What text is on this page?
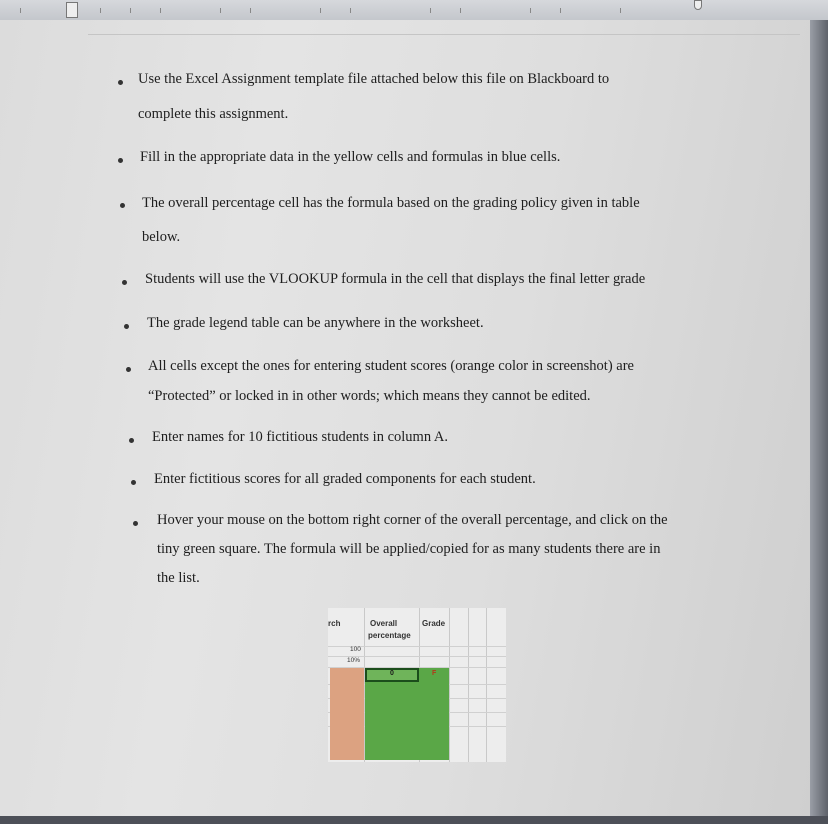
Use the Excel Assignment template file attached below this file on Blackboard to
complete this assignment.
Fill in the appropriate data in the yellow cells and formulas in blue cells.
The overall percentage cell has the formula based on the grading policy given in table
below.
Students will use the VLOOKUP formula in the cell that displays the final letter grade
The grade legend table can be anywhere in the worksheet.
All cells except the ones for entering student scores (orange color in screenshot) are
“Protected” or locked in in other words; which means they cannot be edited.
Enter names for 10 fictitious students in column A.
Enter fictitious scores for all graded components for each student.
Hover your mouse on the bottom right corner of the overall percentage, and click on the
tiny green square. The formula will be applied/copied for as many students there are in
the list.
rch	Overall
percentage
Grade
100
10%
0	F
